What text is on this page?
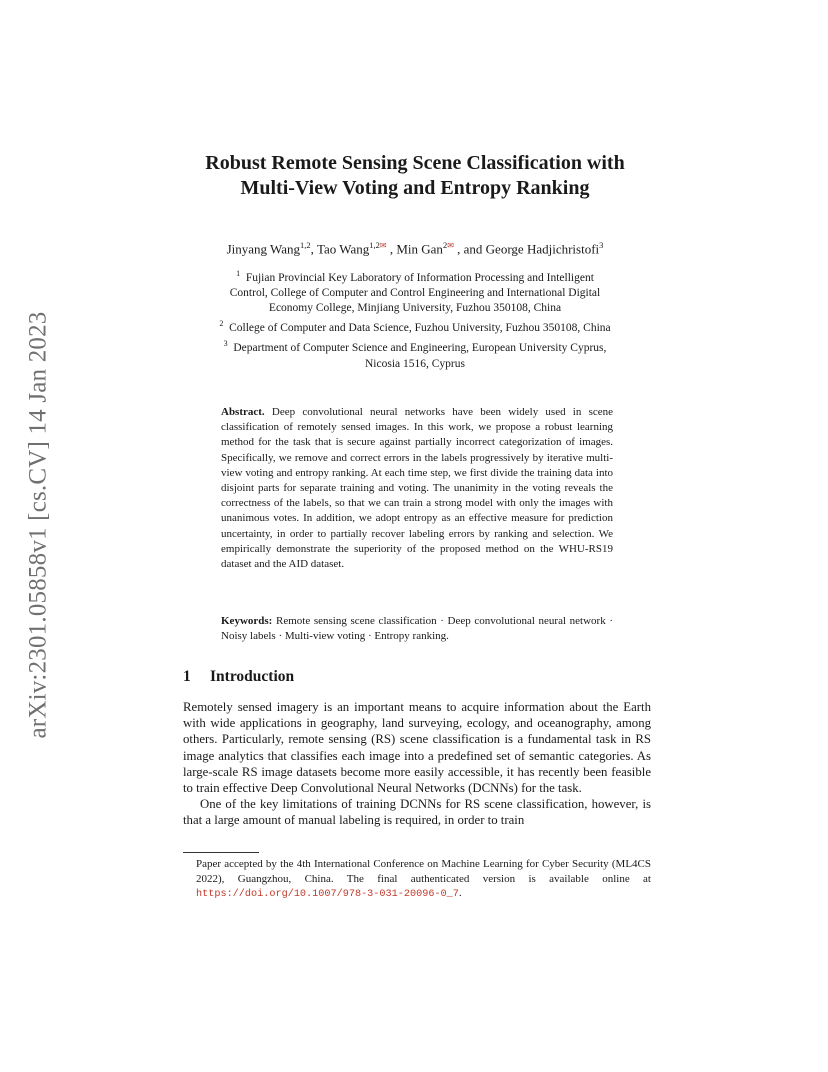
arXiv:2301.05858v1 [cs.CV] 14 Jan 2023
Robust Remote Sensing Scene Classification with
Multi-View Voting and Entropy Ranking
Jinyang Wang$^{1,2}$, Tao Wang$^{1,2✉}$ , Min Gan$^{2✉}$ , and George Hadjichristofi$^3$
$^1$ Fujian Provincial Key Laboratory of Information Processing and Intelligent
Control, College of Computer and Control Engineering and International Digital
Economy College, Minjiang University, Fuzhou 350108, China
$^2$ College of Computer and Data Science, Fuzhou University, Fuzhou 350108, China
$^3$ Department of Computer Science and Engineering, European University Cyprus,
Nicosia 1516, Cyprus
Abstract. Deep convolutional neural networks have been widely used in scene classification of remotely sensed images. In this work, we propose a robust learning method for the task that is secure against partially incorrect categorization of images. Specifically, we remove and correct errors in the labels progressively by iterative multi-view voting and entropy ranking. At each time step, we first divide the training data into disjoint parts for separate training and voting. The unanimity in the voting reveals the correctness of the labels, so that we can train a strong model with only the images with unanimous votes. In addition, we adopt entropy as an effective measure for prediction uncertainty, in order to partially recover labeling errors by ranking and selection. We empirically demonstrate the superiority of the proposed method on the WHU-RS19 dataset and the AID dataset.
Keywords: Remote sensing scene classification · Deep convolutional neural network · Noisy labels · Multi-view voting · Entropy ranking.
1 Introduction

Remotely sensed imagery is an important means to acquire information about the Earth with wide applications in geography, land surveying, ecology, and oceanography, among others. Particularly, remote sensing (RS) scene classification is a fundamental task in RS image analytics that classifies each image into a predefined set of semantic categories. As large-scale RS image datasets become more easily accessible, it has recently been feasible to train effective Deep Convolutional Neural Networks (DCNNs) for the task.

One of the key limitations of training DCNNs for RS scene classification, however, is that a large amount of manual labeling is required, in order to train

Paper accepted by the 4th International Conference on Machine Learning for Cyber Security (ML4CS 2022), Guangzhou, China. The final authenticated version is available online at https://doi.org/10.1007/978-3-031-20096-0_7.
